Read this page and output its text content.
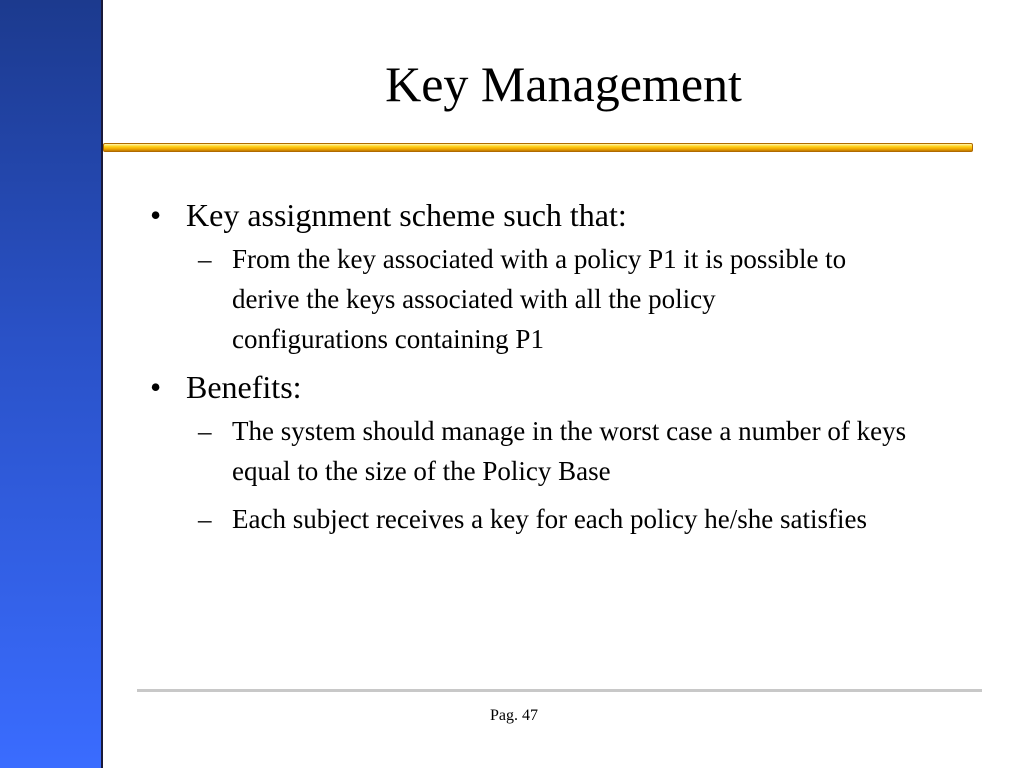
Key Management
• Key assignment scheme such that:
– From the key associated with a policy P1 it is possible to derive the keys associated with all the policy configurations containing P1
• Benefits:
– The system should manage in the worst case a number of keys equal to the size of the Policy Base
– Each subject receives a key for each policy he/she satisfies
Pag. 47
